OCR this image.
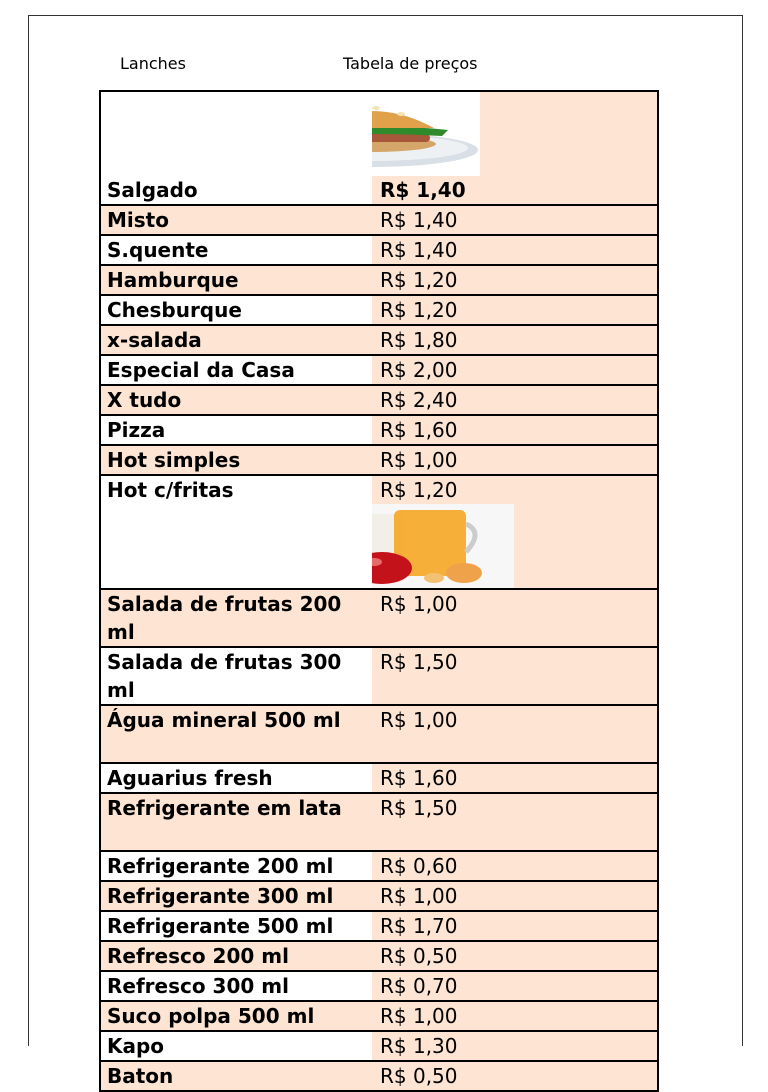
Lanches	Tabela de preços

Salgado	R$ 1,40	
Misto	R$ 1,40	
S.quente	R$ 1,40	
Hamburque	R$ 1,20	
Chesburque	R$ 1,20	
x-salada	R$ 1,80	
Especial da Casa	R$ 2,00	
X tudo	R$ 2,40	
Pizza	R$ 1,60	
Hot simples	R$ 1,00	
Hot c/fritas	R$ 1,20	

Salada de frutas 200 ml	R$ 1,00	
Salada de frutas 300 ml	R$ 1,50	
Água mineral 500 ml	R$ 1,00	
Aguarius fresh	R$ 1,60	
Refrigerante em lata	R$ 1,50	
Refrigerante 200 ml	R$ 0,60	
Refrigerante 300 ml	R$ 1,00	
Refrigerante 500 ml	R$ 1,70	
Refresco 200 ml	R$ 0,50	
Refresco 300 ml	R$ 0,70	
Suco polpa 500 ml	R$ 1,00	
Kapo	R$ 1,30	
Baton	R$ 0,50	
